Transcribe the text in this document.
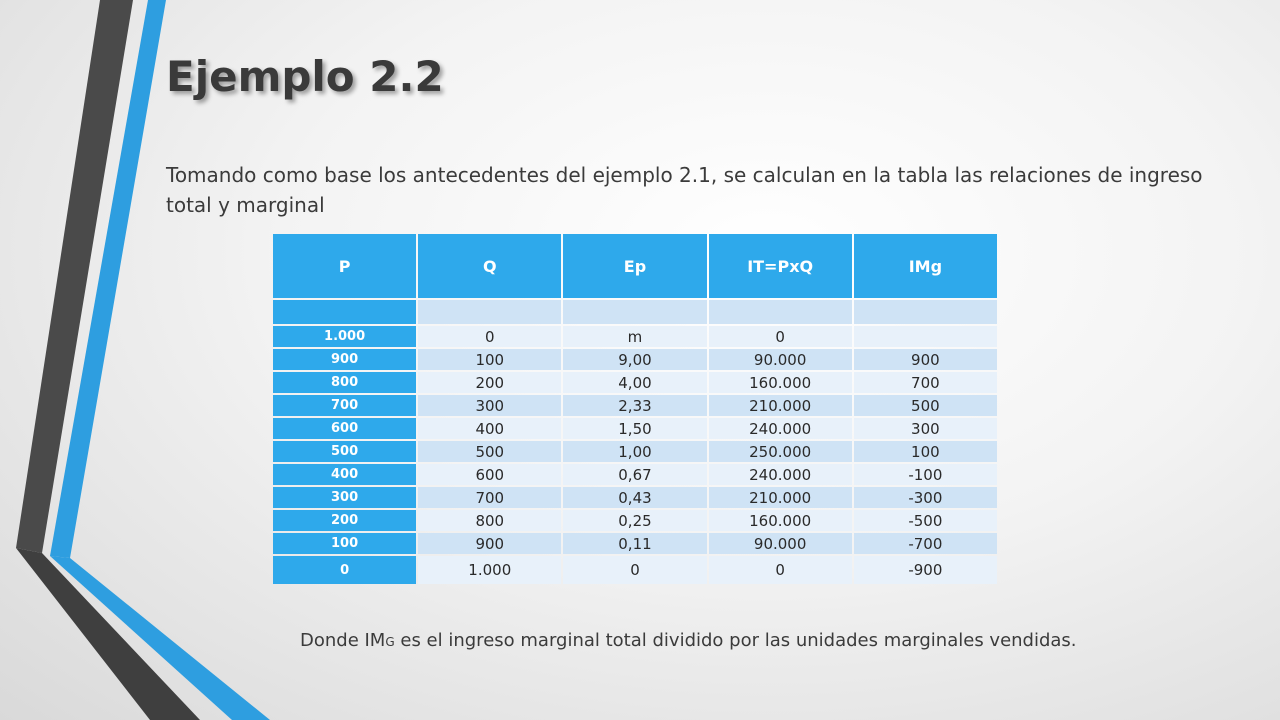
Ejemplo 2.2

Tomando como base los antecedentes del ejemplo 2.1, se calculan en la tabla las relaciones de ingreso total y marginal

P	Q	Ep	IT=PxQ	IMg

1.000	0	m	0	
900	100	9,00	90.000	900
800	200	4,00	160.000	700
700	300	2,33	210.000	500
600	400	1,50	240.000	300
500	500	1,00	250.000	100
400	600	0,67	240.000	-100
300	700	0,43	210.000	-300
200	800	0,25	160.000	-500
100	900	0,11	90.000	-700
0	1.000	0	0	-900

Donde IMG es el ingreso marginal total dividido por las unidades marginales vendidas.
